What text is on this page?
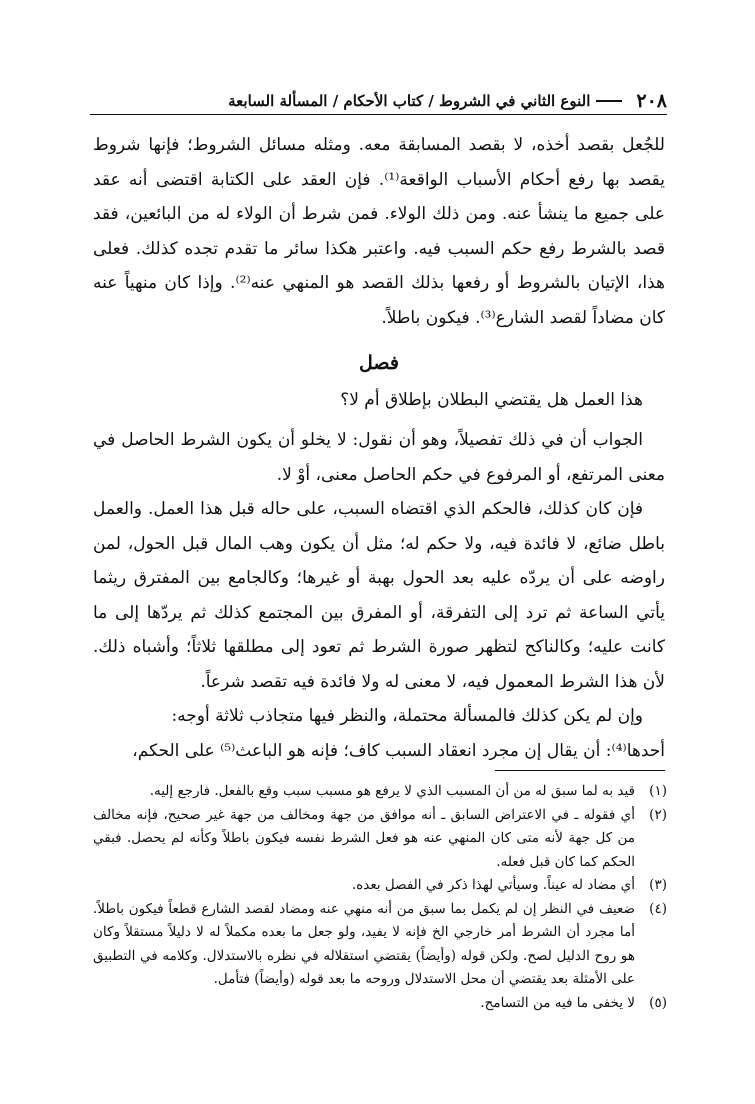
٢٠٨
النوع الثاني في الشروط / كتاب الأحكام / المسألة السابعة

للجُعل بقصد أخذه، لا بقصد المسابقة معه. ومثله مسائل الشروط؛ فإنها شروط يقصد بها رفع أحكام الأسباب الواقعة⁽¹⁾. فإن العقد على الكتابة اقتضى أنه عقد على جميع ما ينشأ عنه. ومن ذلك الولاء. فمن شرط أن الولاء له من البائعين، فقد قصد بالشرط رفع حكم السبب فيه. واعتبر هكذا سائر ما تقدم تجده كذلك. فعلى هذا، الإتيان بالشروط أو رفعها بذلك القصد هو المنهي عنه⁽²⁾. وإذا كان منهياً عنه كان مضاداً لقصد الشارع⁽³⁾. فيكون باطلاً.

فصل

هذا العمل هل يقتضي البطلان بإطلاق أم لا؟

الجواب أن في ذلك تفصيلاً، وهو أن نقول: لا يخلو أن يكون الشرط الحاصل في معنى المرتفع، أو المرفوع في حكم الحاصل معنى، أوْ لا.

فإن كان كذلك، فالحكم الذي اقتضاه السبب، على حاله قبل هذا العمل. والعمل باطل ضائع، لا فائدة فيه، ولا حكم له؛ مثل أن يكون وهب المال قبل الحول، لمن راوضه على أن يردّه عليه بعد الحول بهبة أو غيرها؛ وكالجامع بين المفترق ريثما يأتي الساعة ثم ترد إلى التفرقة، أو المفرق بين المجتمع كذلك ثم يردّها إلى ما كانت عليه؛ وكالناكح لتظهر صورة الشرط ثم تعود إلى مطلقها ثلاثاً؛ وأشباه ذلك. لأن هذا الشرط المعمول فيه، لا معنى له ولا فائدة فيه تقصد شرعاً.

وإن لم يكن كذلك فالمسألة محتملة، والنظر فيها متجاذب ثلاثة أوجه:

أحدها⁽⁴⁾: أن يقال إن مجرد انعقاد السبب كاف؛ فإنه هو الباعث⁽⁵⁾ على الحكم،

(١)
قيد به لما سبق له من أن المسبب الذي لا يرفع هو مسبب سبب وقع بالفعل. فارجع إليه.
(٢)
أي فقوله ـ في الاعتراض السابق ـ أنه موافق من جهة ومخالف من جهة غير صحيح، فإنه مخالف من كل جهة لأنه متى كان المنهي عنه هو فعل الشرط نفسه فيكون باطلاً وكأنه لم يحصل. فبقي الحكم كما كان قبل فعله.
(٣)
أي مضاد له عيناً. وسيأتي لهذا ذكر في الفصل بعده.
(٤)
ضعيف في النظر إن لم يكمل بما سبق من أنه منهي عنه ومضاد لقصد الشارع قطعاً فيكون باطلاً. أما مجرد أن الشرط أمر خارجي الخ فإنه لا يفيد، ولو جعل ما بعده مكملاً له لا دليلاً مستقلاً وكان هو روح الدليل لصح. ولكن قوله (وأيضاً) يقتضي استقلاله في نظره بالاستدلال. وكلامه في التطبيق على الأمثلة بعد يقتضي أن محل الاستدلال وروحه ما بعد قوله (وأيضاً) فتأمل.
(٥)
لا يخفى ما فيه من التسامح.
